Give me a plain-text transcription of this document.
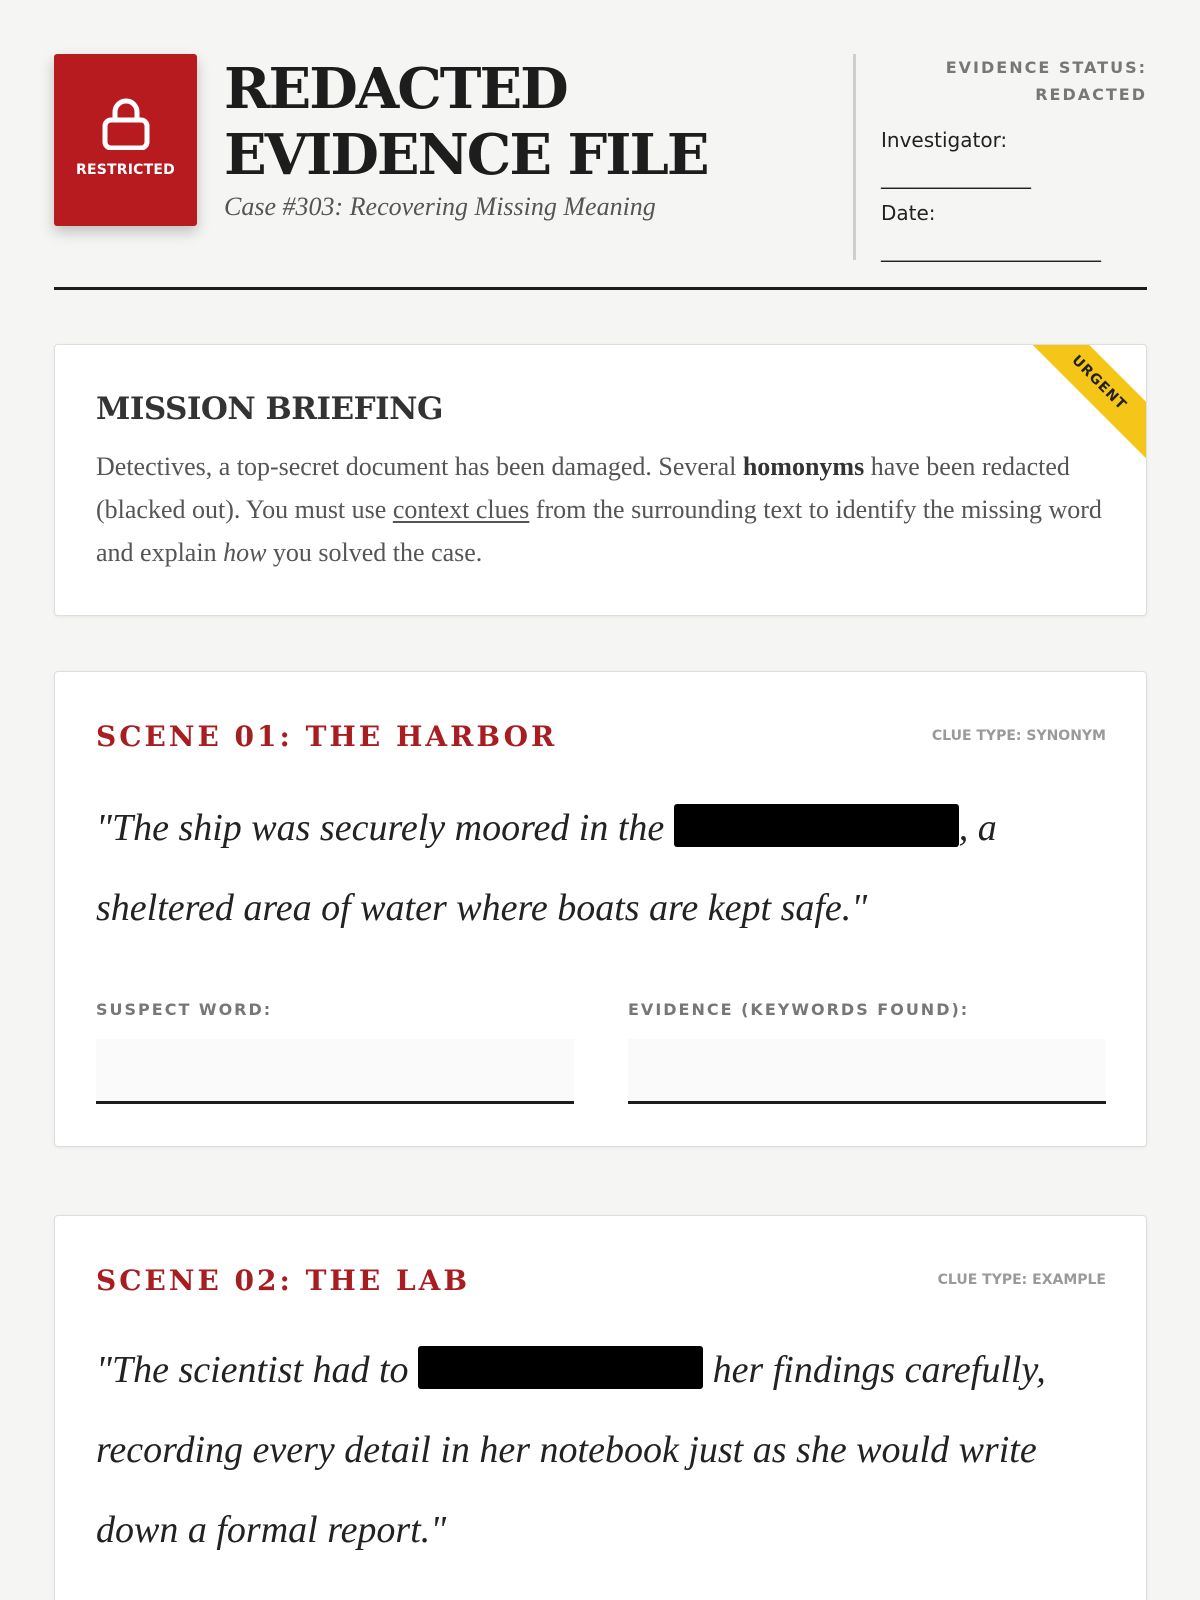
RESTRICTED
REDACTED EVIDENCE FILE
Case #303: Recovering Missing Meaning
EVIDENCE STATUS:
REDACTED
Investigator:
_______________
Date:
______________________
URGENT
MISSION BRIEFING
Detectives, a top-secret document has been damaged. Several homonyms have been redacted (blacked out). You must use context clues from the surrounding text to identify the missing word and explain how you solved the case.
SCENE 01: THE HARBOR	CLUE TYPE: SYNONYM
"The ship was securely moored in the	, a sheltered area of water where boats are kept safe."
SUSPECT WORD:	EVIDENCE (KEYWORDS FOUND):
SCENE 02: THE LAB	CLUE TYPE: EXAMPLE
"The scientist had to	her findings carefully, recording every detail in her notebook just as she would write down a formal report."
